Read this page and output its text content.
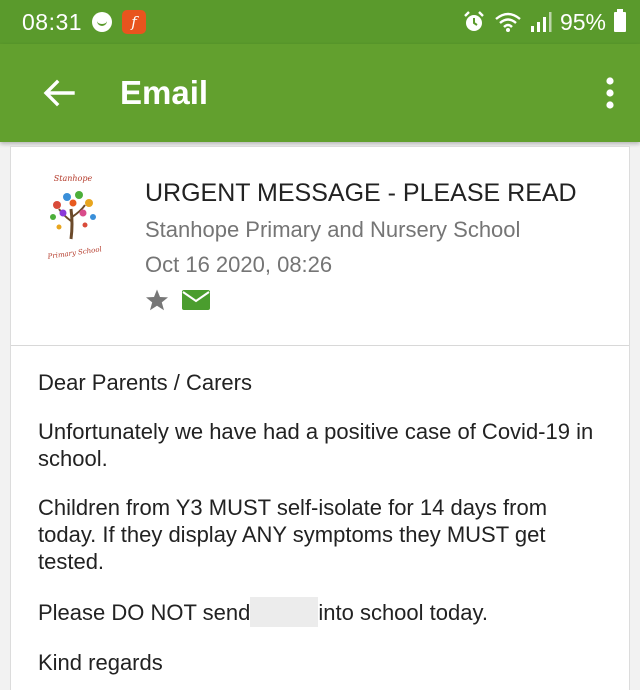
08:31	f	95%
Email
Stanhope
Primary School
URGENT MESSAGE - PLEASE READ
Stanhope Primary and Nursery School
Oct 16 2020, 08:26

Dear Parents / Carers

Unfortunately we have had a positive case of Covid-19 in school.

Children from Y3 MUST self-isolate for 14 days from today. If they display ANY symptoms they MUST get tested.

Please DO NOT send	into school today.

Kind regards
